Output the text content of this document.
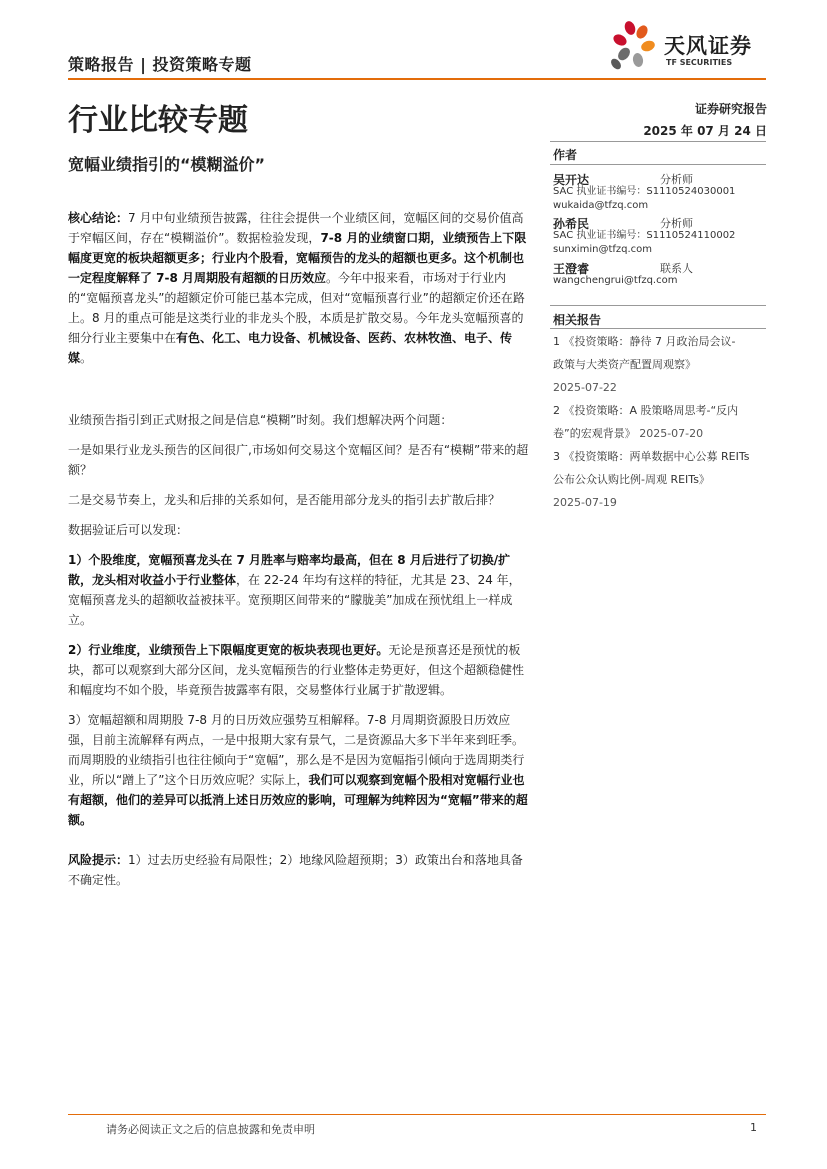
天风证券
TF SECURITIES
策略报告 | 投资策略专题
行业比较专题
宽幅业绩指引的“模糊溢价”
证券研究报告
2025 年 07 月 24 日
作者
吴开达	分析师
SAC 执业证书编号：S1110524030001
wukaida@tfzq.com
孙希民	分析师
SAC 执业证书编号：S1110524110002
sunximin@tfzq.com
王澄睿	联系人
wangchengrui@tfzq.com
相关报告
1 《投资策略：静待 7 月政治局会议-
政策与大类资产配置周观察》
2025-07-22
2 《投资策略：A 股策略周思考-“反内
卷”的宏观背景》 2025-07-20
3 《投资策略：两单数据中心公募 REITs
公布公众认购比例-周观 REITs》
2025-07-19

核心结论：7 月中旬业绩预告披露，往往会提供一个业绩区间，宽幅区间的交易价值高于窄幅区间，存在“模糊溢价”。数据检验发现，7-8 月的业绩窗口期，业绩预告上下限幅度更宽的板块超额更多；行业内个股看，宽幅预告的龙头的超额也更多。这个机制也一定程度解释了 7-8 月周期股有超额的日历效应。今年中报来看，市场对于行业内的“宽幅预喜龙头”的超额定价可能已基本完成，但对“宽幅预喜行业”的超额定价还在路上。8 月的重点可能是这类行业的非龙头个股，本质是扩散交易。今年龙头宽幅预喜的细分行业主要集中在有色、化工、电力设备、机械设备、医药、农林牧渔、电子、传媒。

业绩预告指引到正式财报之间是信息“模糊”时刻。我们想解决两个问题：

一是如果行业龙头预告的区间很广,市场如何交易这个宽幅区间？是否有“模糊”带来的超额？

二是交易节奏上，龙头和后排的关系如何，是否能用部分龙头的指引去扩散后排？

数据验证后可以发现：

1）个股维度，宽幅预喜龙头在 7 月胜率与赔率均最高，但在 8 月后进行了切换/扩散，龙头相对收益小于行业整体，在 22-24 年均有这样的特征，尤其是 23、24 年，宽幅预喜龙头的超额收益被抹平。宽预期区间带来的“朦胧美”加成在预忧组上一样成立。

2）行业维度，业绩预告上下限幅度更宽的板块表现也更好。无论是预喜还是预忧的板块，都可以观察到大部分区间，龙头宽幅预告的行业整体走势更好，但这个超额稳健性和幅度均不如个股，毕竟预告披露率有限，交易整体行业属于扩散逻辑。

3）宽幅超额和周期股 7-8 月的日历效应强势互相解释。7-8 月周期资源股日历效应强，目前主流解释有两点，一是中报期大家有景气，二是资源品大多下半年来到旺季。而周期股的业绩指引也往往倾向于“宽幅”，那么是不是因为宽幅指引倾向于选周期类行业，所以“蹭上了”这个日历效应呢？实际上，我们可以观察到宽幅个股相对宽幅行业也有超额，他们的差异可以抵消上述日历效应的影响，可理解为纯粹因为“宽幅”带来的超额。

风险提示：1）过去历史经验有局限性；2）地缘风险超预期；3）政策出台和落地具备不确定性。

请务必阅读正文之后的信息披露和免责申明	1
